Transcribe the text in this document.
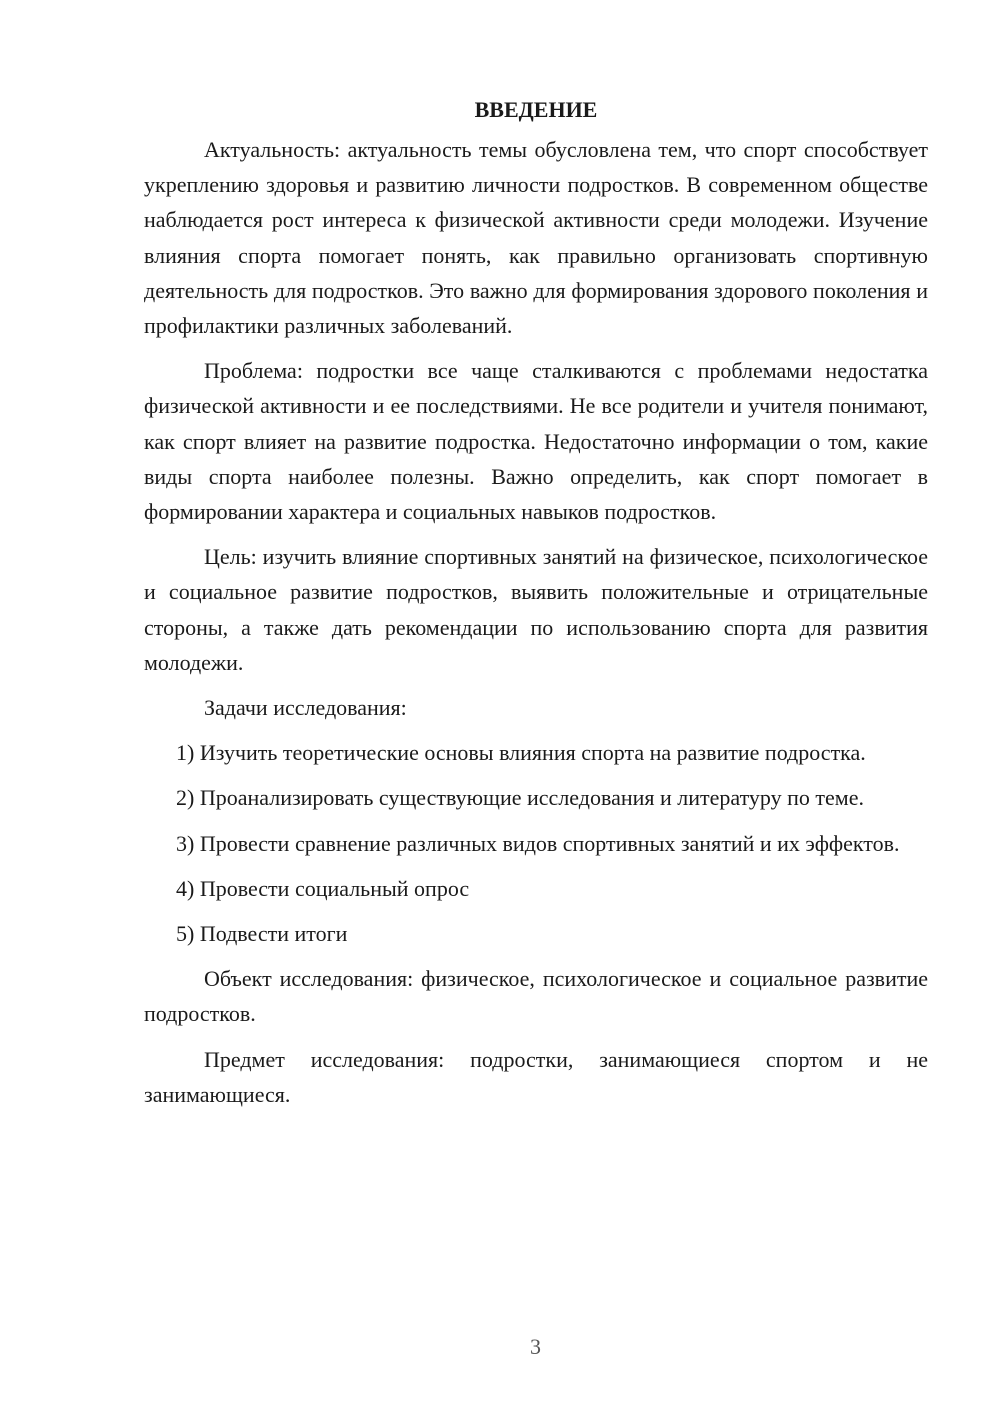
ВВЕДЕНИЕ

Актуальность: актуальность темы обусловлена тем, что спорт способствует укреплению здоровья и развитию личности подростков. В современном обществе наблюдается рост интереса к физической активности среди молодежи. Изучение влияния спорта помогает понять, как правильно организовать спортивную деятельность для подростков. Это важно для формирования здорового поколения и профилактики различных заболеваний.

Проблема: подростки все чаще сталкиваются с проблемами недостатка физической активности и ее последствиями. Не все родители и учителя понимают, как спорт влияет на развитие подростка. Недостаточно информации о том, какие виды спорта наиболее полезны. Важно определить, как спорт помогает в формировании характера и социальных навыков подростков.

Цель: изучить влияние спортивных занятий на физическое, психологическое и социальное развитие подростков, выявить положительные и отрицательные стороны, а также дать рекомендации по использованию спорта для развития молодежи.

Задачи исследования:

1) Изучить теоретические основы влияния спорта на развитие подростка.

2) Проанализировать существующие исследования и литературу по теме.

3) Провести сравнение различных видов спортивных занятий и их эффектов.

4) Провести социальный опрос

5) Подвести итоги

Объект исследования: физическое, психологическое и социальное развитие подростков.

Предмет исследования: подростки, занимающиеся спортом и не занимающиеся.

3
